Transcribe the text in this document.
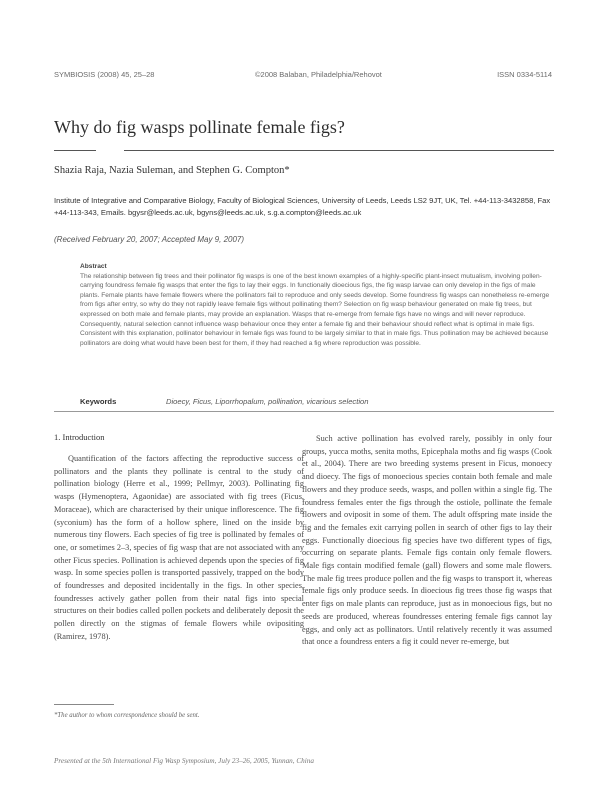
SYMBIOSIS (2008) 45, 25–28	©2008 Balaban, Philadelphia/Rehovot	ISSN 0334-5114
Why do fig wasps pollinate female figs?
Shazia Raja, Nazia Suleman, and Stephen G. Compton*
Institute of Integrative and Comparative Biology, Faculty of Biological Sciences, University of Leeds, Leeds LS2 9JT, UK, Tel. +44-113-3432858, Fax +44-113-343, Emails. bgysr@leeds.ac.uk, bgyns@leeds.ac.uk, s.g.a.compton@leeds.ac.uk
(Received February 20, 2007; Accepted May 9, 2007)
Abstract
The relationship between fig trees and their pollinator fig wasps is one of the best known examples of a highly-specific plant-insect mutualism, involving pollen-carrying foundress female fig wasps that enter the figs to lay their eggs. In functionally dioecious figs, the fig wasp larvae can only develop in the figs of male plants. Female plants have female flowers where the pollinators fail to reproduce and only seeds develop. Some foundress fig wasps can nonetheless re-emerge from figs after entry, so why do they not rapidly leave female figs without pollinating them? Selection on fig wasp behaviour generated on male fig trees, but expressed on both male and female plants, may provide an explanation. Wasps that re-emerge from female figs have no wings and will never reproduce. Consequently, natural selection cannot influence wasp behaviour once they enter a female fig and their behaviour should reflect what is optimal in male figs. Consistent with this explanation, pollinator behaviour in female figs was found to be largely similar to that in male figs. Thus pollination may be achieved because pollinators are doing what would have been best for them, if they had reached a fig where reproduction was possible.
Keywords	Dioecy, Ficus, Liporrhopalum, pollination, vicarious selection
1. Introduction

Quantification of the factors affecting the reproductive success of pollinators and the plants they pollinate is central to the study of pollination biology (Herre et al., 1999; Pellmyr, 2003). Pollinating fig wasps (Hymenoptera, Agaonidae) are associated with fig trees (Ficus, Moraceae), which are characterised by their unique inflorescence. The fig (syconium) has the form of a hollow sphere, lined on the inside by numerous tiny flowers. Each species of fig tree is pollinated by females of one, or sometimes 2–3, species of fig wasp that are not associated with any other Ficus species. Pollination is achieved depends upon the species of fig wasp. In some species pollen is transported passively, trapped on the body of foundresses and deposited incidentally in the figs. In other species, foundresses actively gather pollen from their natal figs into special structures on their bodies called pollen pockets and deliberately deposit the pollen directly on the stigmas of female flowers while ovipositing (Ramirez, 1978).

Such active pollination has evolved rarely, possibly in only four groups, yucca moths, senita moths, Epicephala moths and fig wasps (Cook et al., 2004). There are two breeding systems present in Ficus, monoecy and dioecy. The figs of monoecious species contain both female and male flowers and they produce seeds, wasps, and pollen within a single fig. The foundress females enter the figs through the ostiole, pollinate the female flowers and oviposit in some of them. The adult offspring mate inside the fig and the females exit carrying pollen in search of other figs to lay their eggs. Functionally dioecious fig species have two different types of figs, occurring on separate plants. Female figs contain only female flowers. Male figs contain modified female (gall) flowers and some male flowers. The male fig trees produce pollen and the fig wasps to transport it, whereas female figs only produce seeds. In dioecious fig trees those fig wasps that enter figs on male plants can reproduce, just as in monoecious figs, but no seeds are produced, whereas foundresses entering female figs cannot lay eggs, and only act as pollinators. Until relatively recently it was assumed that once a foundress enters a fig it could never re-emerge, but

*The author to whom correspondence should be sent.
Presented at the 5th International Fig Wasp Symposium, July 23–26, 2005, Yunnan, China
